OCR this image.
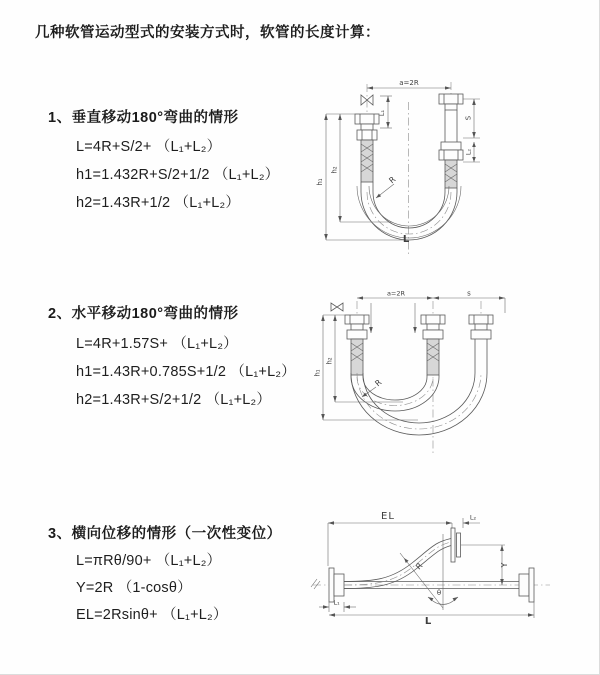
几种软管运动型式的安装方式时，软管的长度计算：
1、垂直移动180°弯曲的情形
L=4R+S/2+ （L₁+L₂）
h1=1.432R+S/2+1/2 （L₁+L₂）
h2=1.43R+1/2 （L₁+L₂）
2、水平移动180°弯曲的情形
L=4R+1.57S+ （L₁+L₂）
h1=1.43R+0.785S+1/2 （L₁+L₂）
h2=1.43R+S/2+1/2 （L₁+L₂）
3、横向位移的情形（一次性变位）
L=πRθ/90+ （L₁+L₂）
Y=2R （1-cosθ）
EL=2Rsinθ+ （L₁+L₂）
a=2R
R
h₁
h₂
L₁
S
L₂
L
a=2R	s
R
h₁
h₂
EL	L₂
R
θ
Y
L₁
L
